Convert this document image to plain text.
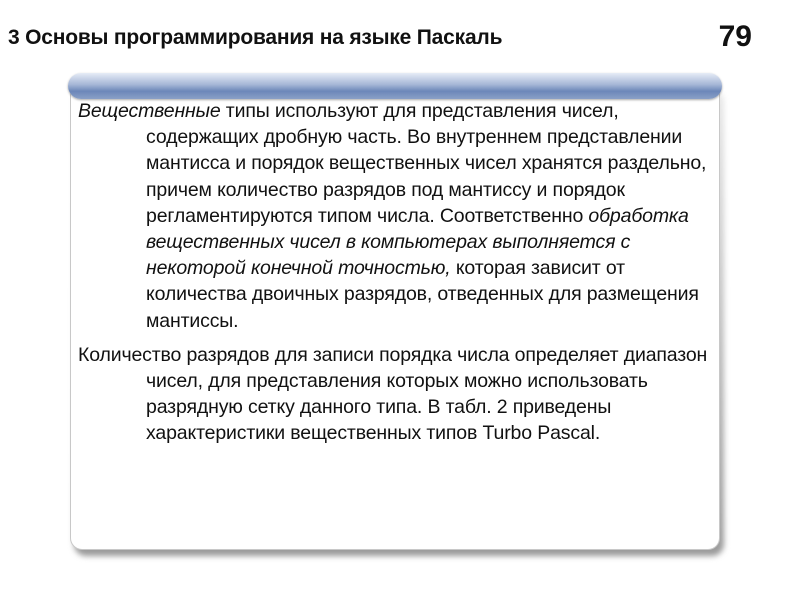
3 Основы программирования на языке Паскаль	79

Вещественные типы используют для представления чисел, содержащих дробную часть. Во внутреннем представлении мантисса и порядок вещественных чисел хранятся раздельно, причем количество разрядов под мантиссу и порядок регламентируются типом числа. Соответственно обработка вещественных чисел в компьютерах выполняется с некоторой конечной точностью, которая зависит от количества двоичных разрядов, отведенных для размещения мантиссы.

Количество разрядов для записи порядка числа определяет диапазон чисел, для представления которых можно использовать разрядную сетку данного типа. В табл. 2 приведены характеристики вещественных типов Turbo Pascal.
